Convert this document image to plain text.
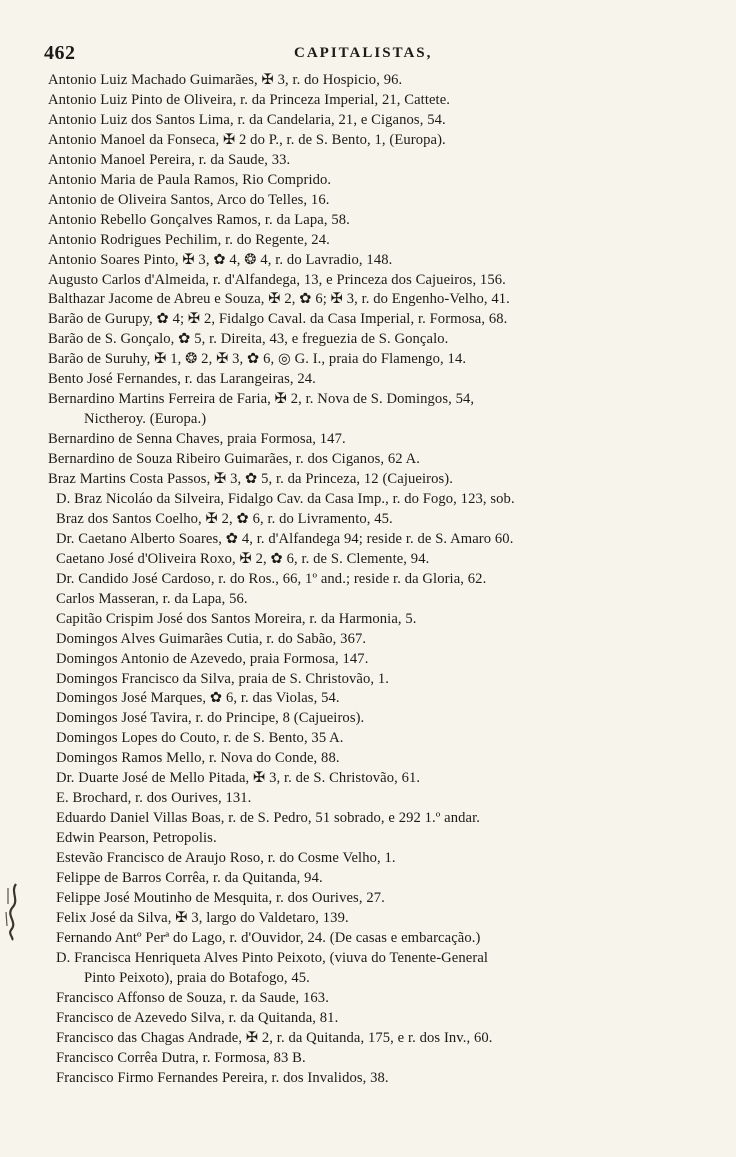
462	CAPITALISTAS,
Antonio Luiz Machado Guimarães, ✠ 3, r. do Hospicio, 96.
Antonio Luiz Pinto de Oliveira, r. da Princeza Imperial, 21, Cattete.
Antonio Luiz dos Santos Lima, r. da Candelaria, 21, e Ciganos, 54.
Antonio Manoel da Fonseca, ✠ 2 do P., r. de S. Bento, 1, (Europa).
Antonio Manoel Pereira, r. da Saude, 33.
Antonio Maria de Paula Ramos, Rio Comprido.
Antonio de Oliveira Santos, Arco do Telles, 16.
Antonio Rebello Gonçalves Ramos, r. da Lapa, 58.
Antonio Rodrigues Pechilim, r. do Regente, 24.
Antonio Soares Pinto, ✠ 3, ✿ 4, ❂ 4, r. do Lavradio, 148.
Augusto Carlos d'Almeida, r. d'Alfandega, 13, e Princeza dos Cajueiros, 156.
Balthazar Jacome de Abreu e Souza, ✠ 2, ✿ 6; ✠ 3, r. do Engenho-Velho, 41.
Barão de Gurupy, ✿ 4; ✠ 2, Fidalgo Caval. da Casa Imperial, r. Formosa, 68.
Barão de S. Gonçalo, ✿ 5, r. Direita, 43, e freguezia de S. Gonçalo.
Barão de Suruhy, ✠ 1, ❂ 2, ✠ 3, ✿ 6, ◎ G. I., praia do Flamengo, 14.
Bento José Fernandes, r. das Larangeiras, 24.
Bernardino Martins Ferreira de Faria, ✠ 2, r. Nova de S. Domingos, 54,
Nictheroy. (Europa.)
Bernardino de Senna Chaves, praia Formosa, 147.
Bernardino de Souza Ribeiro Guimarães, r. dos Ciganos, 62 A.
Braz Martins Costa Passos, ✠ 3, ✿ 5, r. da Princeza, 12 (Cajueiros).
D. Braz Nicoláo da Silveira, Fidalgo Cav. da Casa Imp., r. do Fogo, 123, sob.
Braz dos Santos Coelho, ✠ 2, ✿ 6, r. do Livramento, 45.
Dr. Caetano Alberto Soares, ✿ 4, r. d'Alfandega 94; reside r. de S. Amaro 60.
Caetano José d'Oliveira Roxo, ✠ 2, ✿ 6, r. de S. Clemente, 94.
Dr. Candido José Cardoso, r. do Ros., 66, 1º and.; reside r. da Gloria, 62.
Carlos Masseran, r. da Lapa, 56.
Capitão Crispim José dos Santos Moreira, r. da Harmonia, 5.
Domingos Alves Guimarães Cutia, r. do Sabão, 367.
Domingos Antonio de Azevedo, praia Formosa, 147.
Domingos Francisco da Silva, praia de S. Christovão, 1.
Domingos José Marques, ✿ 6, r. das Violas, 54.
Domingos José Tavira, r. do Principe, 8 (Cajueiros).
Domingos Lopes do Couto, r. de S. Bento, 35 A.
Domingos Ramos Mello, r. Nova do Conde, 88.
Dr. Duarte José de Mello Pitada, ✠ 3, r. de S. Christovão, 61.
E. Brochard, r. dos Ourives, 131.
Eduardo Daniel Villas Boas, r. de S. Pedro, 51 sobrado, e 292 1.º andar.
Edwin Pearson, Petropolis.
Estevão Francisco de Araujo Roso, r. do Cosme Velho, 1.
Felippe de Barros Corrêa, r. da Quitanda, 94.
Felippe José Moutinho de Mesquita, r. dos Ourives, 27.
Felix José da Silva, ✠ 3, largo do Valdetaro, 139.
Fernando Antº Perª do Lago, r. d'Ouvidor, 24. (De casas e embarcação.)
D. Francisca Henriqueta Alves Pinto Peixoto, (viuva do Tenente-General
Pinto Peixoto), praia do Botafogo, 45.
Francisco Affonso de Souza, r. da Saude, 163.
Francisco de Azevedo Silva, r. da Quitanda, 81.
Francisco das Chagas Andrade, ✠ 2, r. da Quitanda, 175, e r. dos Inv., 60.
Francisco Corrêa Dutra, r. Formosa, 83 B.
Francisco Firmo Fernandes Pereira, r. dos Invalidos, 38.
